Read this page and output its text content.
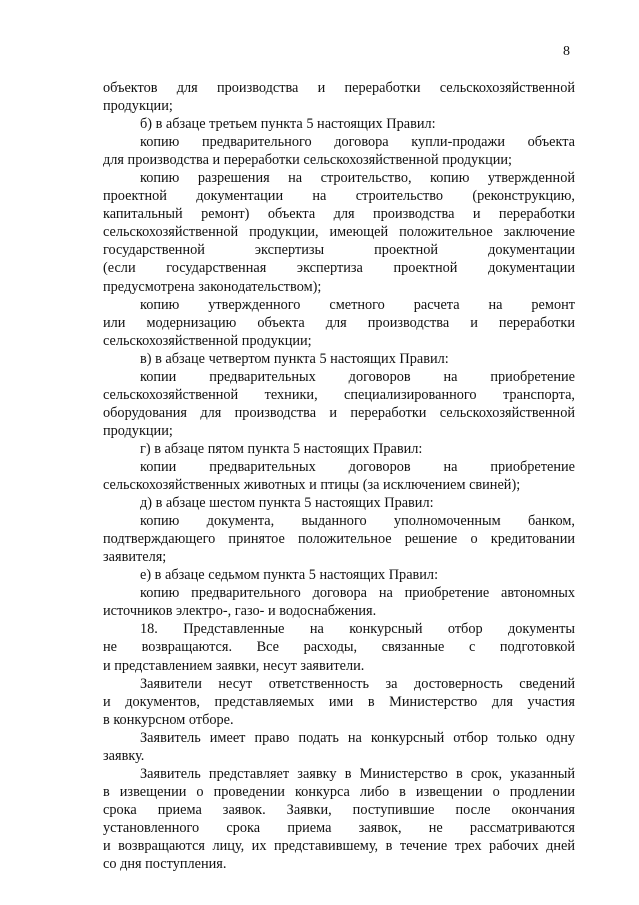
8
объектов для производства и переработки сельскохозяйственной
продукции;
б) в абзаце третьем пункта 5 настоящих Правил:
копию предварительного договора купли-продажи объекта
для производства и переработки сельскохозяйственной продукции;
копию разрешения на строительство, копию утвержденной
проектной документации на строительство (реконструкцию,
капитальный ремонт) объекта для производства и переработки
сельскохозяйственной продукции, имеющей положительное заключение
государственной экспертизы проектной документации
(если государственная экспертиза проектной документации
предусмотрена законодательством);
копию утвержденного сметного расчета на ремонт
или модернизацию объекта для производства и переработки
сельскохозяйственной продукции;
в) в абзаце четвертом пункта 5 настоящих Правил:
копии предварительных договоров на приобретение
сельскохозяйственной техники, специализированного транспорта,
оборудования для производства и переработки сельскохозяйственной
продукции;
г) в абзаце пятом пункта 5 настоящих Правил:
копии предварительных договоров на приобретение
сельскохозяйственных животных и птицы (за исключением свиней);
д) в абзаце шестом пункта 5 настоящих Правил:
копию документа, выданного уполномоченным банком,
подтверждающего принятое положительное решение о кредитовании
заявителя;
е) в абзаце седьмом пункта 5 настоящих Правил:
копию предварительного договора на приобретение автономных
источников электро-, газо- и водоснабжения.
18. Представленные на конкурсный отбор документы
не возвращаются. Все расходы, связанные с подготовкой
и представлением заявки, несут заявители.
Заявители несут ответственность за достоверность сведений
и документов, представляемых ими в Министерство для участия
в конкурсном отборе.
Заявитель имеет право подать на конкурсный отбор только одну
заявку.
Заявитель представляет заявку в Министерство в срок, указанный
в извещении о проведении конкурса либо в извещении о продлении
срока приема заявок. Заявки, поступившие после окончания
установленного срока приема заявок, не рассматриваются
и возвращаются лицу, их представившему, в течение трех рабочих дней
со дня поступления.
